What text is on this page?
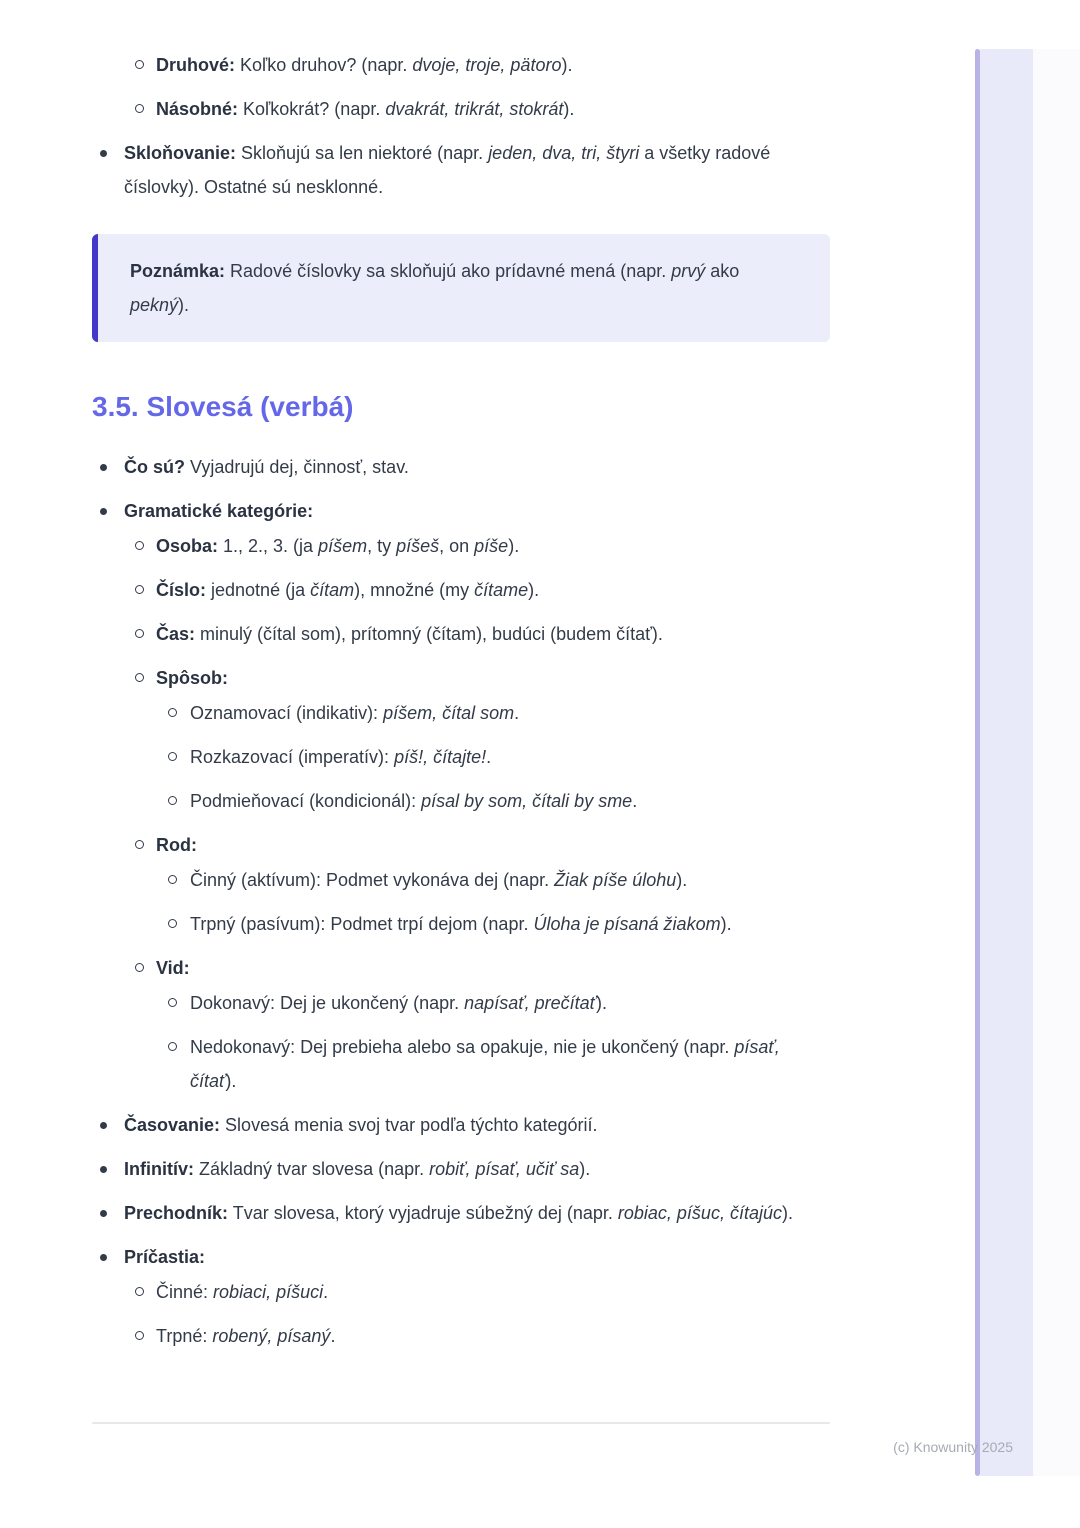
Druhové: Koľko druhov? (napr. dvoje, troje, pätoro).
Násobné: Koľkokrát? (napr. dvakrát, trikrát, stokrát).
Skloňovanie: Skloňujú sa len niektoré (napr. jeden, dva, tri, štyri a všetky radové číslovky). Ostatné sú nesklonné.
Poznámka: Radové číslovky sa skloňujú ako prídavné mená (napr. prvý ako pekný).
3.5. Slovesá (verbá)
Čo sú? Vyjadrujú dej, činnosť, stav.
Gramatické kategórie:
Osoba: 1., 2., 3. (ja píšem, ty píšeš, on píše).
Číslo: jednotné (ja čítam), množné (my čítame).
Čas: minulý (čítal som), prítomný (čítam), budúci (budem čítať).
Spôsob:
Oznamovací (indikativ): píšem, čítal som.
Rozkazovací (imperatív): píš!, čítajte!.
Podmieňovací (kondicionál): písal by som, čítali by sme.
Rod:
Činný (aktívum): Podmet vykonáva dej (napr. Žiak píše úlohu).
Trpný (pasívum): Podmet trpí dejom (napr. Úloha je písaná žiakom).
Vid:
Dokonavý: Dej je ukončený (napr. napísať, prečítať).
Nedokonavý: Dej prebieha alebo sa opakuje, nie je ukončený (napr. písať, čítať).
Časovanie: Slovesá menia svoj tvar podľa týchto kategórií.
Infinitív: Základný tvar slovesa (napr. robiť, písať, učiť sa).
Prechodník: Tvar slovesa, ktorý vyjadruje súbežný dej (napr. robiac, píšuc, čítajúc).
Príčastia:
Činné: robiaci, píšuci.
Trpné: robený, písaný.
(c) Knowunity 2025
